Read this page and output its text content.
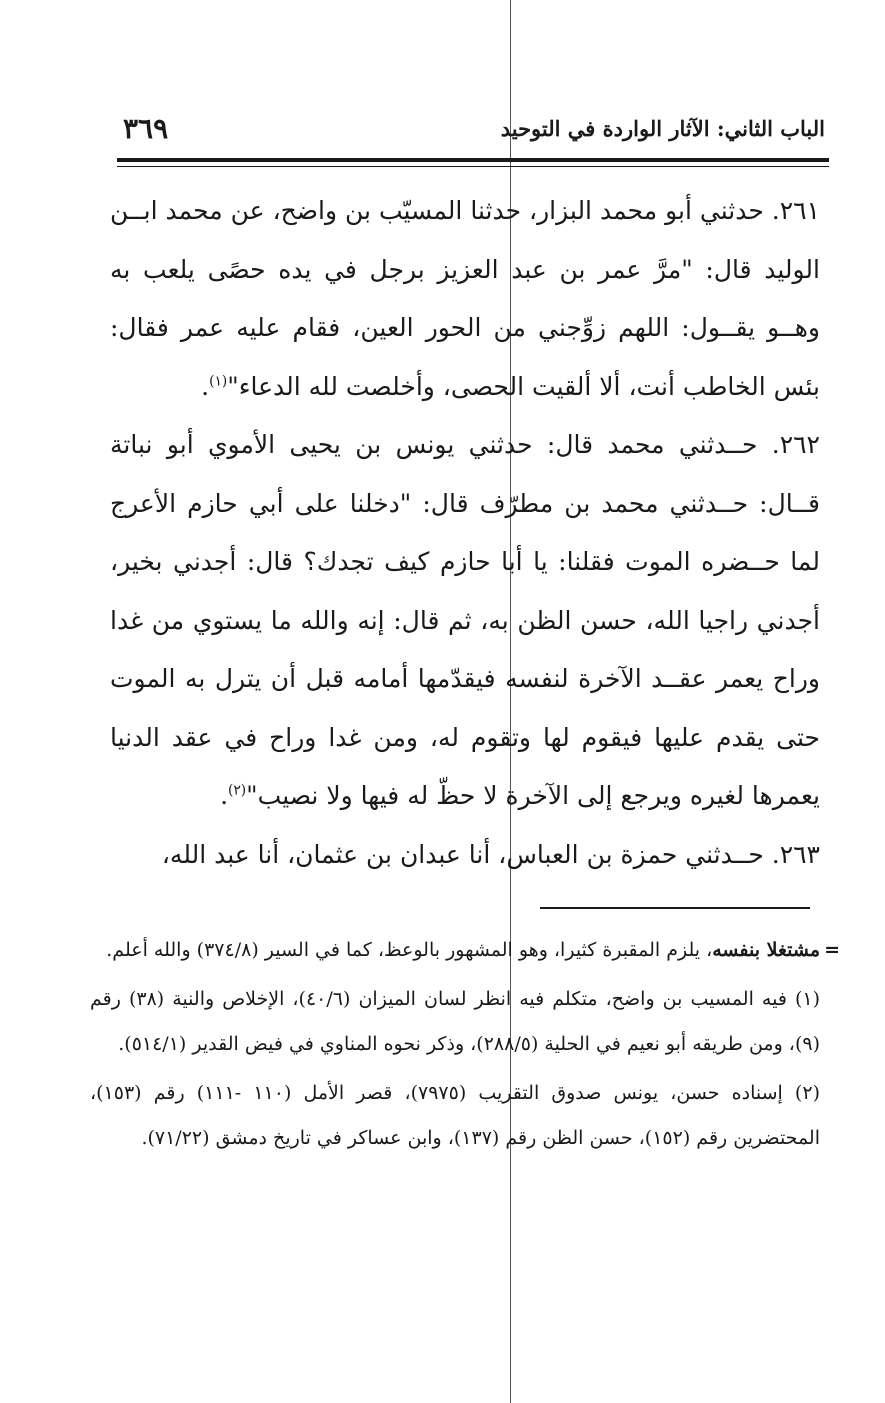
الباب الثاني: الآثار الواردة في التوحيد
٣٦٩

٢٦١. حدثني أبو محمد البزار، حدثنا المسيّب بن واضح، عن محمد ابــن الوليد قال: "مرَّ عمر بن عبد العزيز برجل في يده حصًى يلعب به وهــو يقــول: اللهم زوِّجني من الحور العين، فقام عليه عمر فقال: بئس الخاطب أنت، ألا ألقيت الحصى، وأخلصت لله الدعاء"$^{(١)}$.

٢٦٢. حــدثني محمد قال: حدثني يونس بن يحيى الأموي أبو نباتة قــال: حــدثني محمد بن مطرّف قال: "دخلنا على أبي حازم الأعرج لما حــضره الموت فقلنا: يا أبا حازم كيف تجدك؟ قال: أجدني بخير، أجدني راجيا الله، حسن الظن به، ثم قال: إنه والله ما يستوي من غدا وراح يعمر عقــد الآخرة لنفسه فيقدّمها أمامه قبل أن يترل به الموت حتى يقدم عليها فيقوم لها وتقوم له، ومن غدا وراح في عقد الدنيا يعمرها لغيره ويرجع إلى الآخرة لا حظّ له فيها ولا نصيب"$^{(٢)}$.

٢٦٣. حــدثني حمزة بن العباس، أنا عبدان بن عثمان، أنا عبد الله،

=
مشتغلا بنفسه، يلزم المقبرة كثيرا، وهو المشهور بالوعظ، كما في السير (٣٧٤/٨) والله أعلم.

(١) فيه المسيب بن واضح، متكلم فيه انظر لسان الميزان (٤٠/٦)، الإخلاص والنية (٣٨) رقم (٩)، ومن طريقه أبو نعيم في الحلية (٢٨٨/٥)، وذكر نحوه المناوي في فيض القدير (٥١٤/١).

(٢) إسناده حسن، يونس صدوق التقريب (٧٩٧٥)، قصر الأمل (١١٠ -١١١) رقم (١٥٣)، المحتضرين رقم (١٥٢)، حسن الظن رقم (١٣٧)، وابن عساكر في تاريخ دمشق (٧١/٢٢).
